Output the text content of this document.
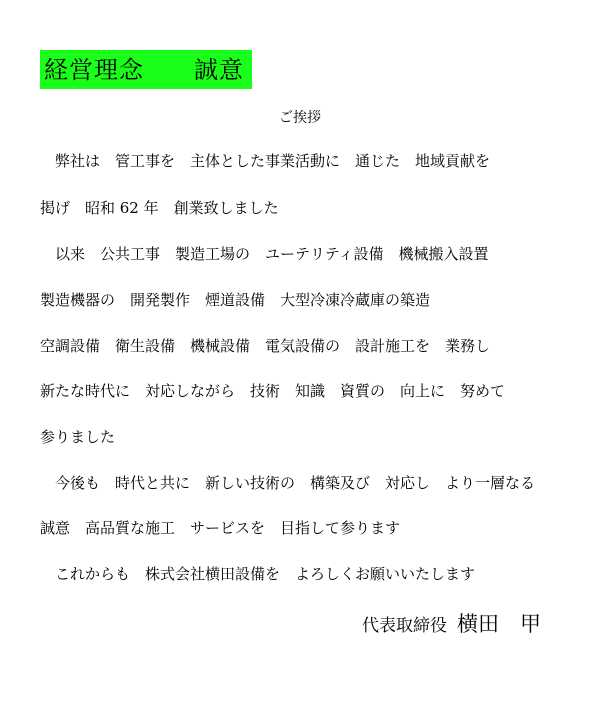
経営理念　　誠意
ご挨拶
　弊社は　管工事を　主体とした事業活動に　通じた　地域貢献を
掲げ　昭和 62 年　創業致しました
　以来　公共工事　製造工場の　ユーテリティ設備　機械搬入設置
製造機器の　開発製作　煙道設備　大型冷凍冷蔵庫の築造
空調設備　衛生設備　機械設備　電気設備の　設計施工を　業務し
新たな時代に　対応しながら　技術　知識　資質の　向上に　努めて
参りました
　今後も　時代と共に　新しい技術の　構築及び　対応し　より一層なる
誠意　高品質な施工　サービスを　目指して参ります
　これからも　株式会社横田設備を　よろしくお願いいたします
代表取締役 横田　甲
